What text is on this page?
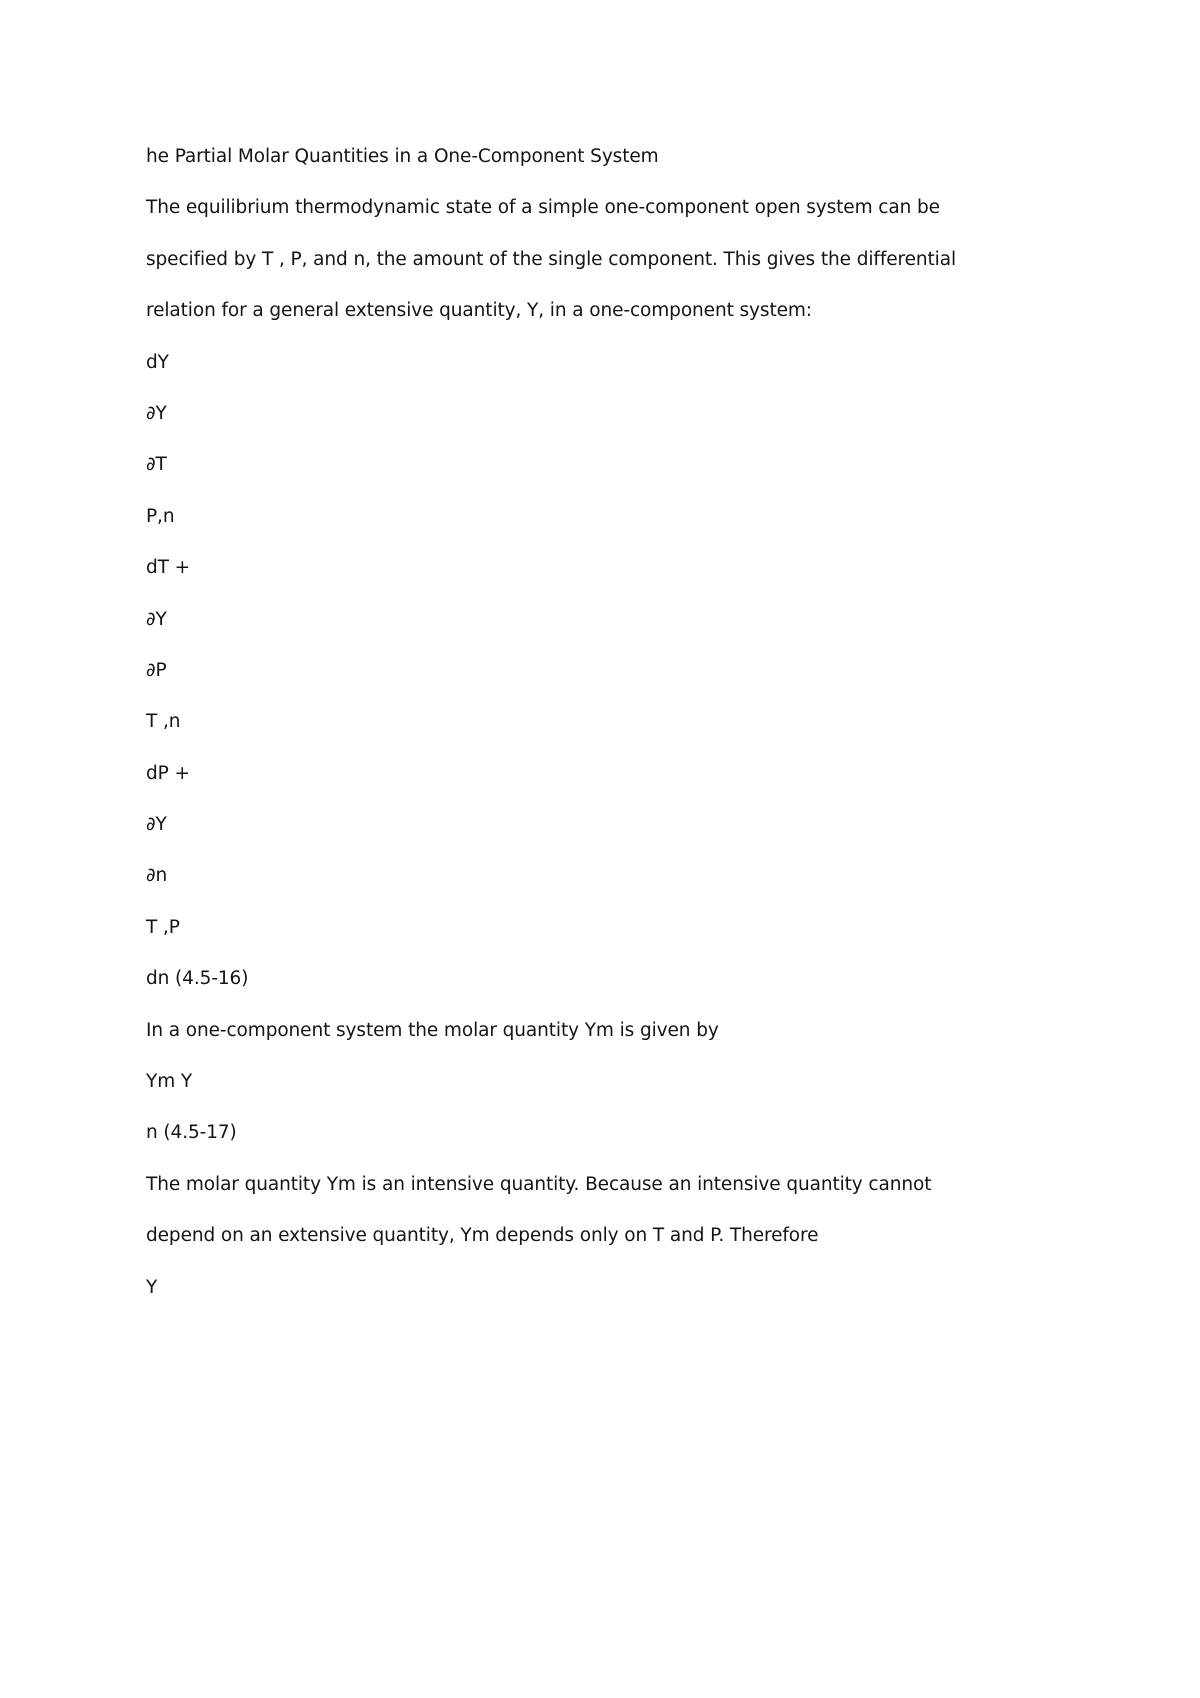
he Partial Molar Quantities in a One-Component System
The equilibrium thermodynamic state of a simple one-component open system can be
specified by T , P, and n, the amount of the single component. This gives the differential
relation for a general extensive quantity, Y, in a one-component system:
dY
∂Y
∂T
P,n
dT +
∂Y
∂P
T ,n
dP +
∂Y
∂n
T ,P
dn (4.5-16)
In a one-component system the molar quantity Ym is given by
Ym Y
n (4.5-17)
The molar quantity Ym is an intensive quantity. Because an intensive quantity cannot
depend on an extensive quantity, Ym depends only on T and P. Therefore
Y
